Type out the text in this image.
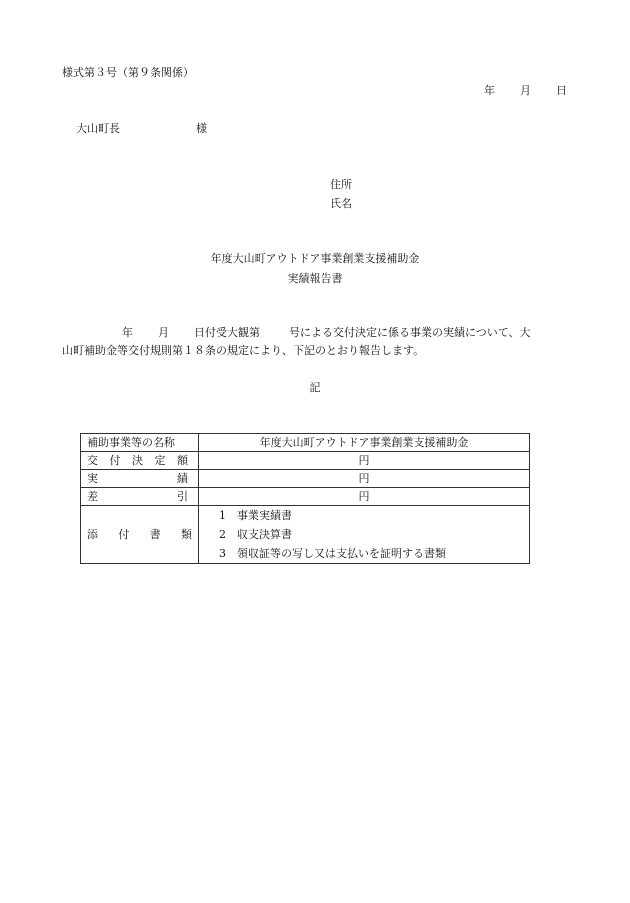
様式第３号（第９条関係）

年

月

日

大山町長	様
住所
氏名
年度大山町アウトドア事業創業支援補助金
実績報告書

年

月

日付受大観第

	号による交付決定に係る事業の実績について、大

山町補助金等交付規則第１８条の規定により、下記のとおり報告します。

記
補助事業等の名称	年度大山町アウトドア事業創業支援補助金
交付決定額	円
実績	円
差引	円
添付書類	1 事業実績書
2 収支決算書
3 領収証等の写し又は支払いを証明する書類
